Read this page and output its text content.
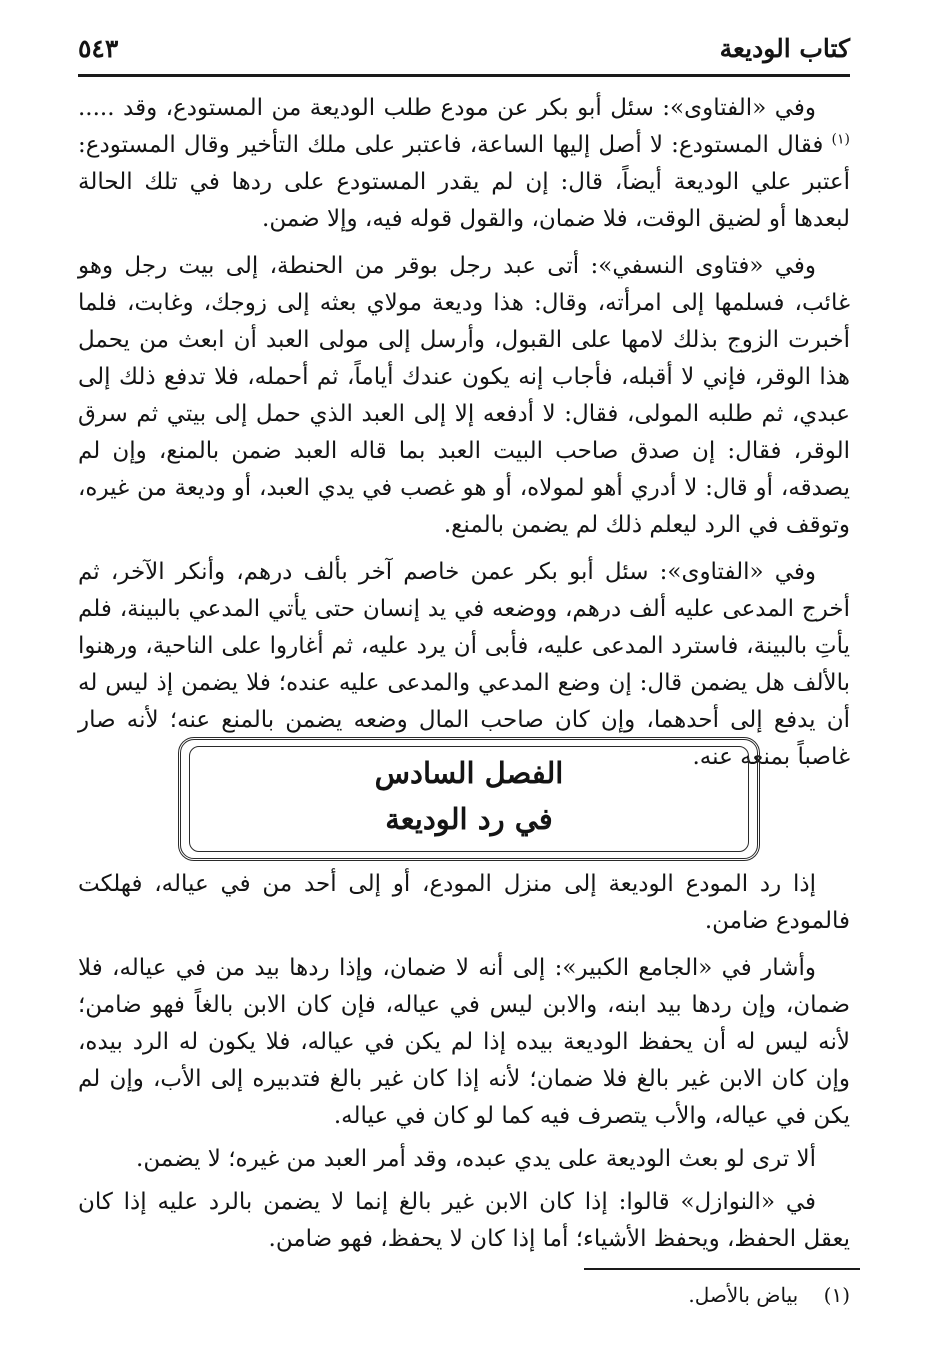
كتاب الوديعة
٥٤٣

وفي «الفتاوى»: سئل أبو بكر عن مودع طلب الوديعة من المستودع، وقد ..... $^{(١)}$ فقال المستودع: لا أصل إليها الساعة، فاعتبر على ملك التأخير وقال المستودع: أعتبر علي الوديعة أيضاً، قال: إن لم يقدر المستودع على ردها في تلك الحالة لبعدها أو لضيق الوقت، فلا ضمان، والقول قوله فيه، وإلا ضمن.

وفي «فتاوى النسفي»: أتى عبد رجل بوقر من الحنطة، إلى بيت رجل وهو غائب، فسلمها إلى امرأته، وقال: هذا وديعة مولاي بعثه إلى زوجك، وغابت، فلما أخبرت الزوج بذلك لامها على القبول، وأرسل إلى مولى العبد أن ابعث من يحمل هذا الوقر، فإني لا أقبله، فأجاب إنه يكون عندك أياماً، ثم أحمله، فلا تدفع ذلك إلى عبدي، ثم طلبه المولى، فقال: لا أدفعه إلا إلى العبد الذي حمل إلى بيتي ثم سرق الوقر، فقال: إن صدق صاحب البيت العبد بما قاله العبد ضمن بالمنع، وإن لم يصدقه، أو قال: لا أدري أهو لمولاه، أو هو غصب في يدي العبد، أو وديعة من غيره، وتوقف في الرد ليعلم ذلك لم يضمن بالمنع.

وفي «الفتاوى»: سئل أبو بكر عمن خاصم آخر بألف درهم، وأنكر الآخر، ثم أخرج المدعى عليه ألف درهم، ووضعه في يد إنسان حتى يأتي المدعي بالبينة، فلم يأتِ بالبينة، فاسترد المدعى عليه، فأبى أن يرد عليه، ثم أغاروا على الناحية، ورهنوا بالألف هل يضمن قال: إن وضع المدعي والمدعى عليه عنده؛ فلا يضمن إذ ليس له أن يدفع إلى أحدهما، وإن كان صاحب المال وضعه يضمن بالمنع عنه؛ لأنه صار غاصباً بمنعه عنه.

الفصل السادس
في رد الوديعة

إذا رد المودع الوديعة إلى منزل المودع، أو إلى أحد من في عياله، فهلكت فالمودع ضامن.

وأشار في «الجامع الكبير»: إلى أنه لا ضمان، وإذا ردها بيد من في عياله، فلا ضمان، وإن ردها بيد ابنه، والابن ليس في عياله، فإن كان الابن بالغاً فهو ضامن؛ لأنه ليس له أن يحفظ الوديعة بيده إذا لم يكن في عياله، فلا يكون له الرد بيده، وإن كان الابن غير بالغ فلا ضمان؛ لأنه إذا كان غير بالغ فتدبيره إلى الأب، وإن لم يكن في عياله، والأب يتصرف فيه كما لو كان في عياله.

ألا ترى لو بعث الوديعة على يدي عبده، وقد أمر العبد من غيره؛ لا يضمن.

في «النوازل» قالوا: إذا كان الابن غير بالغ إنما لا يضمن بالرد عليه إذا كان يعقل الحفظ، ويحفظ الأشياء؛ أما إذا كان لا يحفظ، فهو ضامن.

(١)    بياض بالأصل.
